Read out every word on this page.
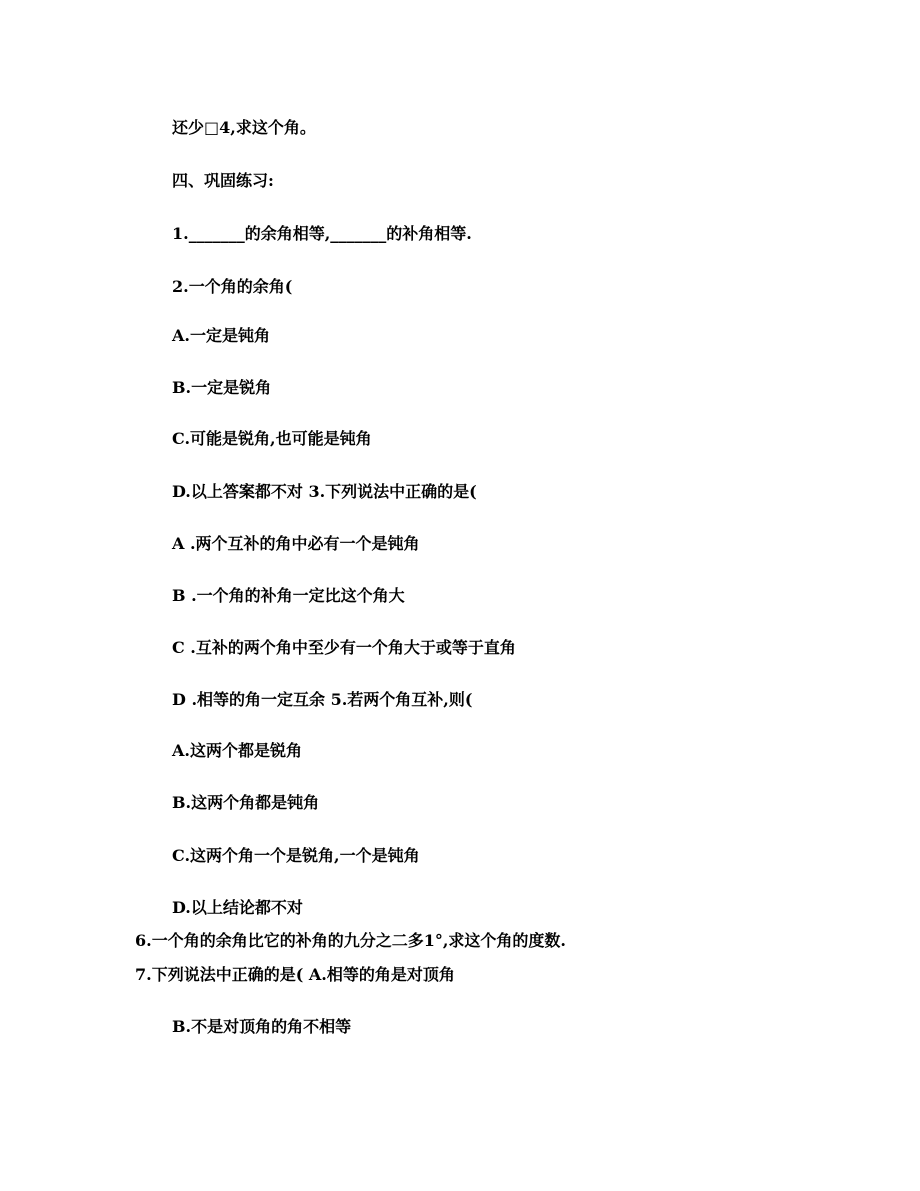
还少□4,求这个角。
四、巩固练习:
1._______的余角相等,_______的补角相等.
2.一个角的余角(
A.一定是钝角
B.一定是锐角
C.可能是锐角,也可能是钝角
D.以上答案都不对 3.下列说法中正确的是(
A .两个互补的角中必有一个是钝角
B .一个角的补角一定比这个角大
C .互补的两个角中至少有一个角大于或等于直角
D .相等的角一定互余 5.若两个角互补,则(
A.这两个都是锐角
B.这两个角都是钝角
C.这两个角一个是锐角,一个是钝角
D.以上结论都不对
6.一个角的余角比它的补角的九分之二多1°,求这个角的度数.
7.下列说法中正确的是( A.相等的角是对顶角
B.不是对顶角的角不相等
